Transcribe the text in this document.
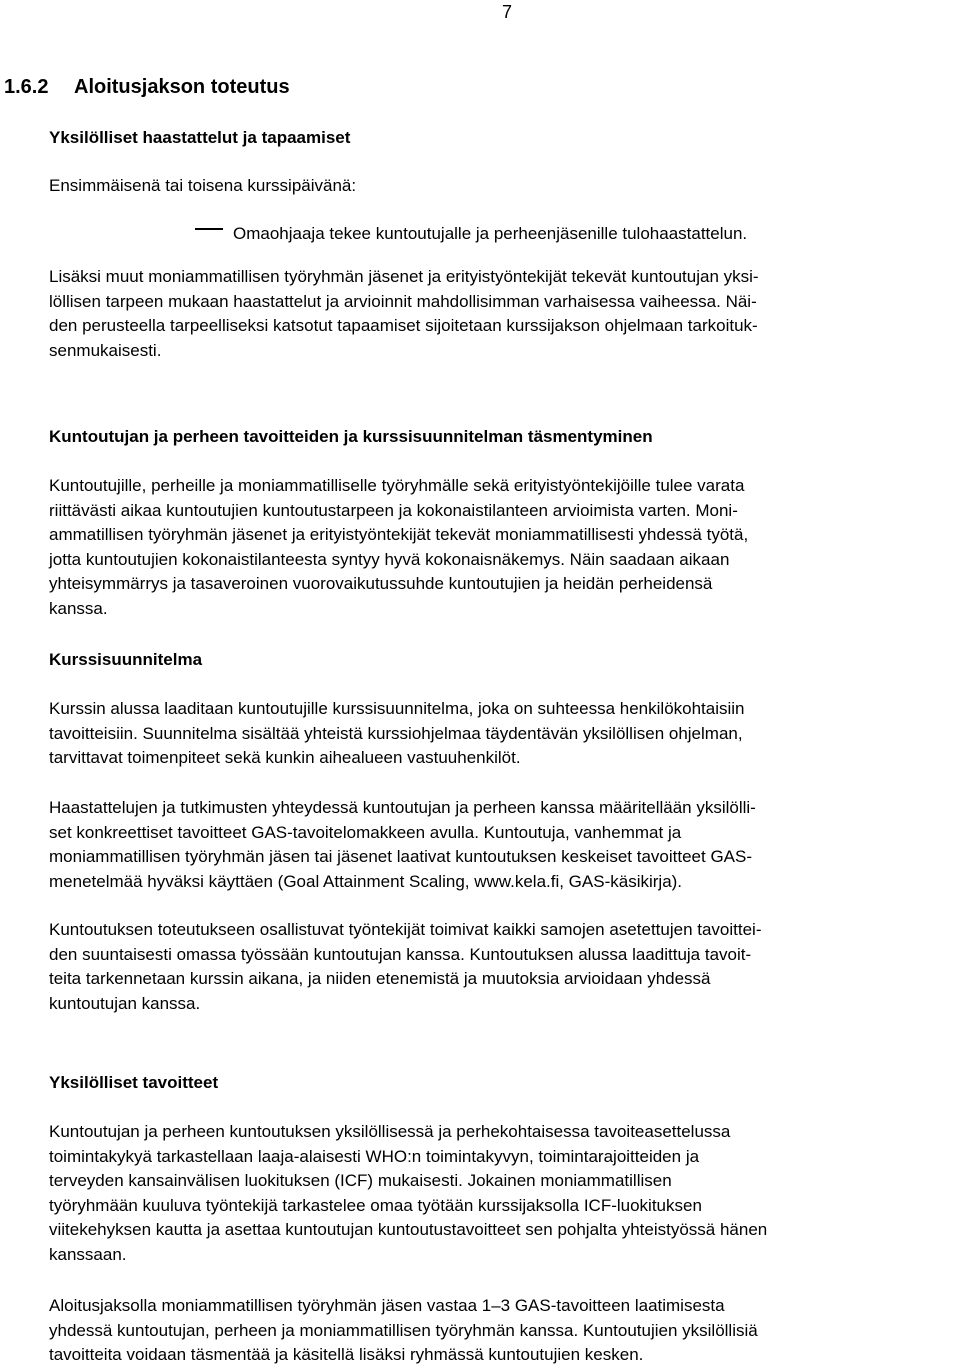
7
1.6.2 Aloitusjakson toteutus
Yksilölliset haastattelut ja tapaamiset
Ensimmäisenä tai toisena kurssipäivänä:
Omaohjaaja tekee kuntoutujalle ja perheenjäsenille tulohaastattelun.
Lisäksi muut moniammatillisen työryhmän jäsenet ja erityistyöntekijät tekevät kuntoutujan yksi-
löllisen tarpeen mukaan haastattelut ja arvioinnit mahdollisimman varhaisessa vaiheessa. Näi-
den perusteella tarpeelliseksi katsotut tapaamiset sijoitetaan kurssijakson ohjelmaan tarkoituk-
senmukaisesti.
Kuntoutujan ja perheen tavoitteiden ja kurssisuunnitelman täsmentyminen
Kuntoutujille, perheille ja moniammatilliselle työryhmälle sekä erityistyöntekijöille tulee varata
riittävästi aikaa kuntoutujien kuntoutustarpeen ja kokonaistilanteen arvioimista varten. Moni-
ammatillisen työryhmän jäsenet ja erityistyöntekijät tekevät moniammatillisesti yhdessä työtä,
jotta kuntoutujien kokonaistilanteesta syntyy hyvä kokonaisnäkemys. Näin saadaan aikaan
yhteisymmärrys ja tasaveroinen vuorovaikutussuhde kuntoutujien ja heidän perheidensä
kanssa.
Kurssisuunnitelma
Kurssin alussa laaditaan kuntoutujille kurssisuunnitelma, joka on suhteessa henkilökohtaisiin
tavoitteisiin. Suunnitelma sisältää yhteistä kurssiohjelmaa täydentävän yksilöllisen ohjelman,
tarvittavat toimenpiteet sekä kunkin aihealueen vastuuhenkilöt.
Haastattelujen ja tutkimusten yhteydessä kuntoutujan ja perheen kanssa määritellään yksilölli-
set konkreettiset tavoitteet GAS-tavoitelomakkeen avulla. Kuntoutuja, vanhemmat ja
moniammatillisen työryhmän jäsen tai jäsenet laativat kuntoutuksen keskeiset tavoitteet GAS-
menetelmää hyväksi käyttäen (Goal Attainment Scaling, www.kela.fi, GAS-käsikirja).
Kuntoutuksen toteutukseen osallistuvat työntekijät toimivat kaikki samojen asetettujen tavoittei-
den suuntaisesti omassa työssään kuntoutujan kanssa. Kuntoutuksen alussa laadittuja tavoit-
teita tarkennetaan kurssin aikana, ja niiden etenemistä ja muutoksia arvioidaan yhdessä
kuntoutujan kanssa.
Yksilölliset tavoitteet
Kuntoutujan ja perheen kuntoutuksen yksilöllisessä ja perhekohtaisessa tavoiteasettelussa
toimintakykyä tarkastellaan laaja-alaisesti WHO:n toimintakyvyn, toimintarajoitteiden ja
terveyden kansainvälisen luokituksen (ICF) mukaisesti. Jokainen moniammatillisen
työryhmään kuuluva työntekijä tarkastelee omaa työtään kurssijaksolla ICF-luokituksen
viitekehyksen kautta ja asettaa kuntoutujan kuntoutustavoitteet sen pohjalta yhteistyössä hänen
kanssaan.
Aloitusjaksolla moniammatillisen työryhmän jäsen vastaa 1–3 GAS-tavoitteen laatimisesta
yhdessä kuntoutujan, perheen ja moniammatillisen työryhmän kanssa. Kuntoutujien yksilöllisiä
tavoitteita voidaan täsmentää ja käsitellä lisäksi ryhmässä kuntoutujien kesken.
